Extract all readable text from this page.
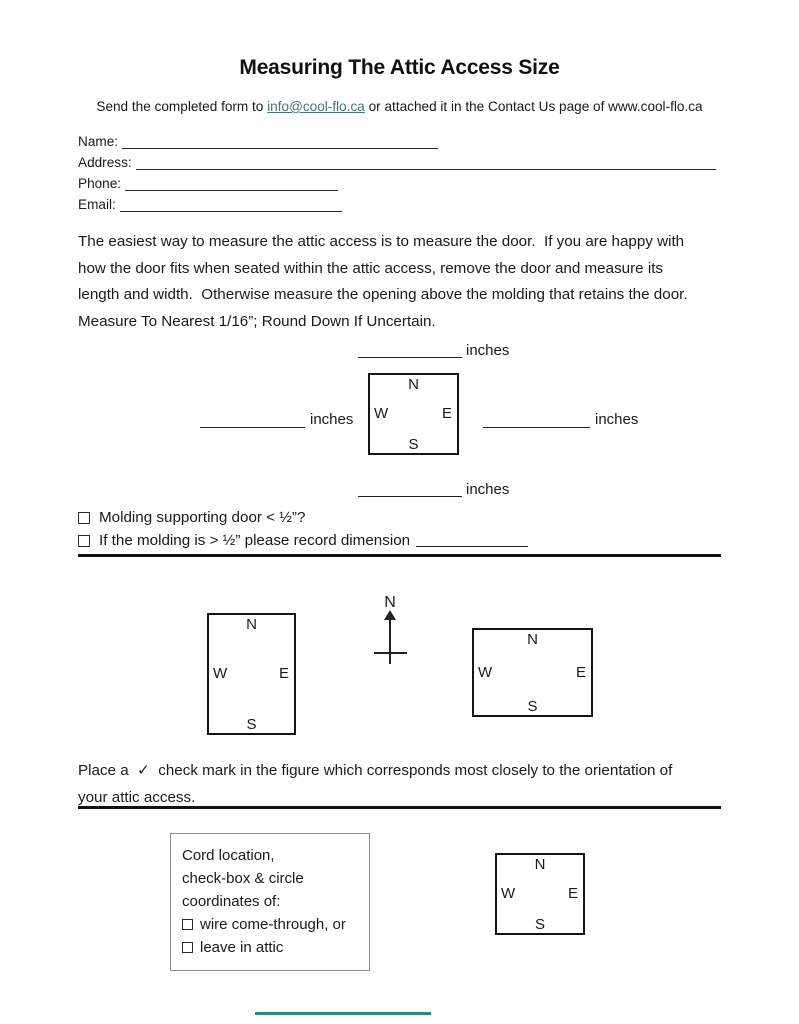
Measuring The Attic Access Size
Send the completed form to info@cool-flo.ca or attached it in the Contact Us page of www.cool-flo.ca
Name:
Address:
Phone:
Email:
The easiest way to measure the attic access is to measure the door.  If you are happy with
how the door fits when seated within the attic access, remove the door and measure its
length and width.  Otherwise measure the opening above the molding that retains the door.
Measure To Nearest 1/16”; Round Down If Uncertain.
inches
inches	inches
inches
N
W	E
S
Molding supporting door < ½”?
If the molding is > ½” please record dimension
N
W	E
S
N
N
W	E
S
Place a  ✓  check mark in the figure which corresponds most closely to the orientation of
your attic access.
Cord location,
check-box & circle
coordinates of:
wire come-through, or
leave in attic
N
W	E
S
